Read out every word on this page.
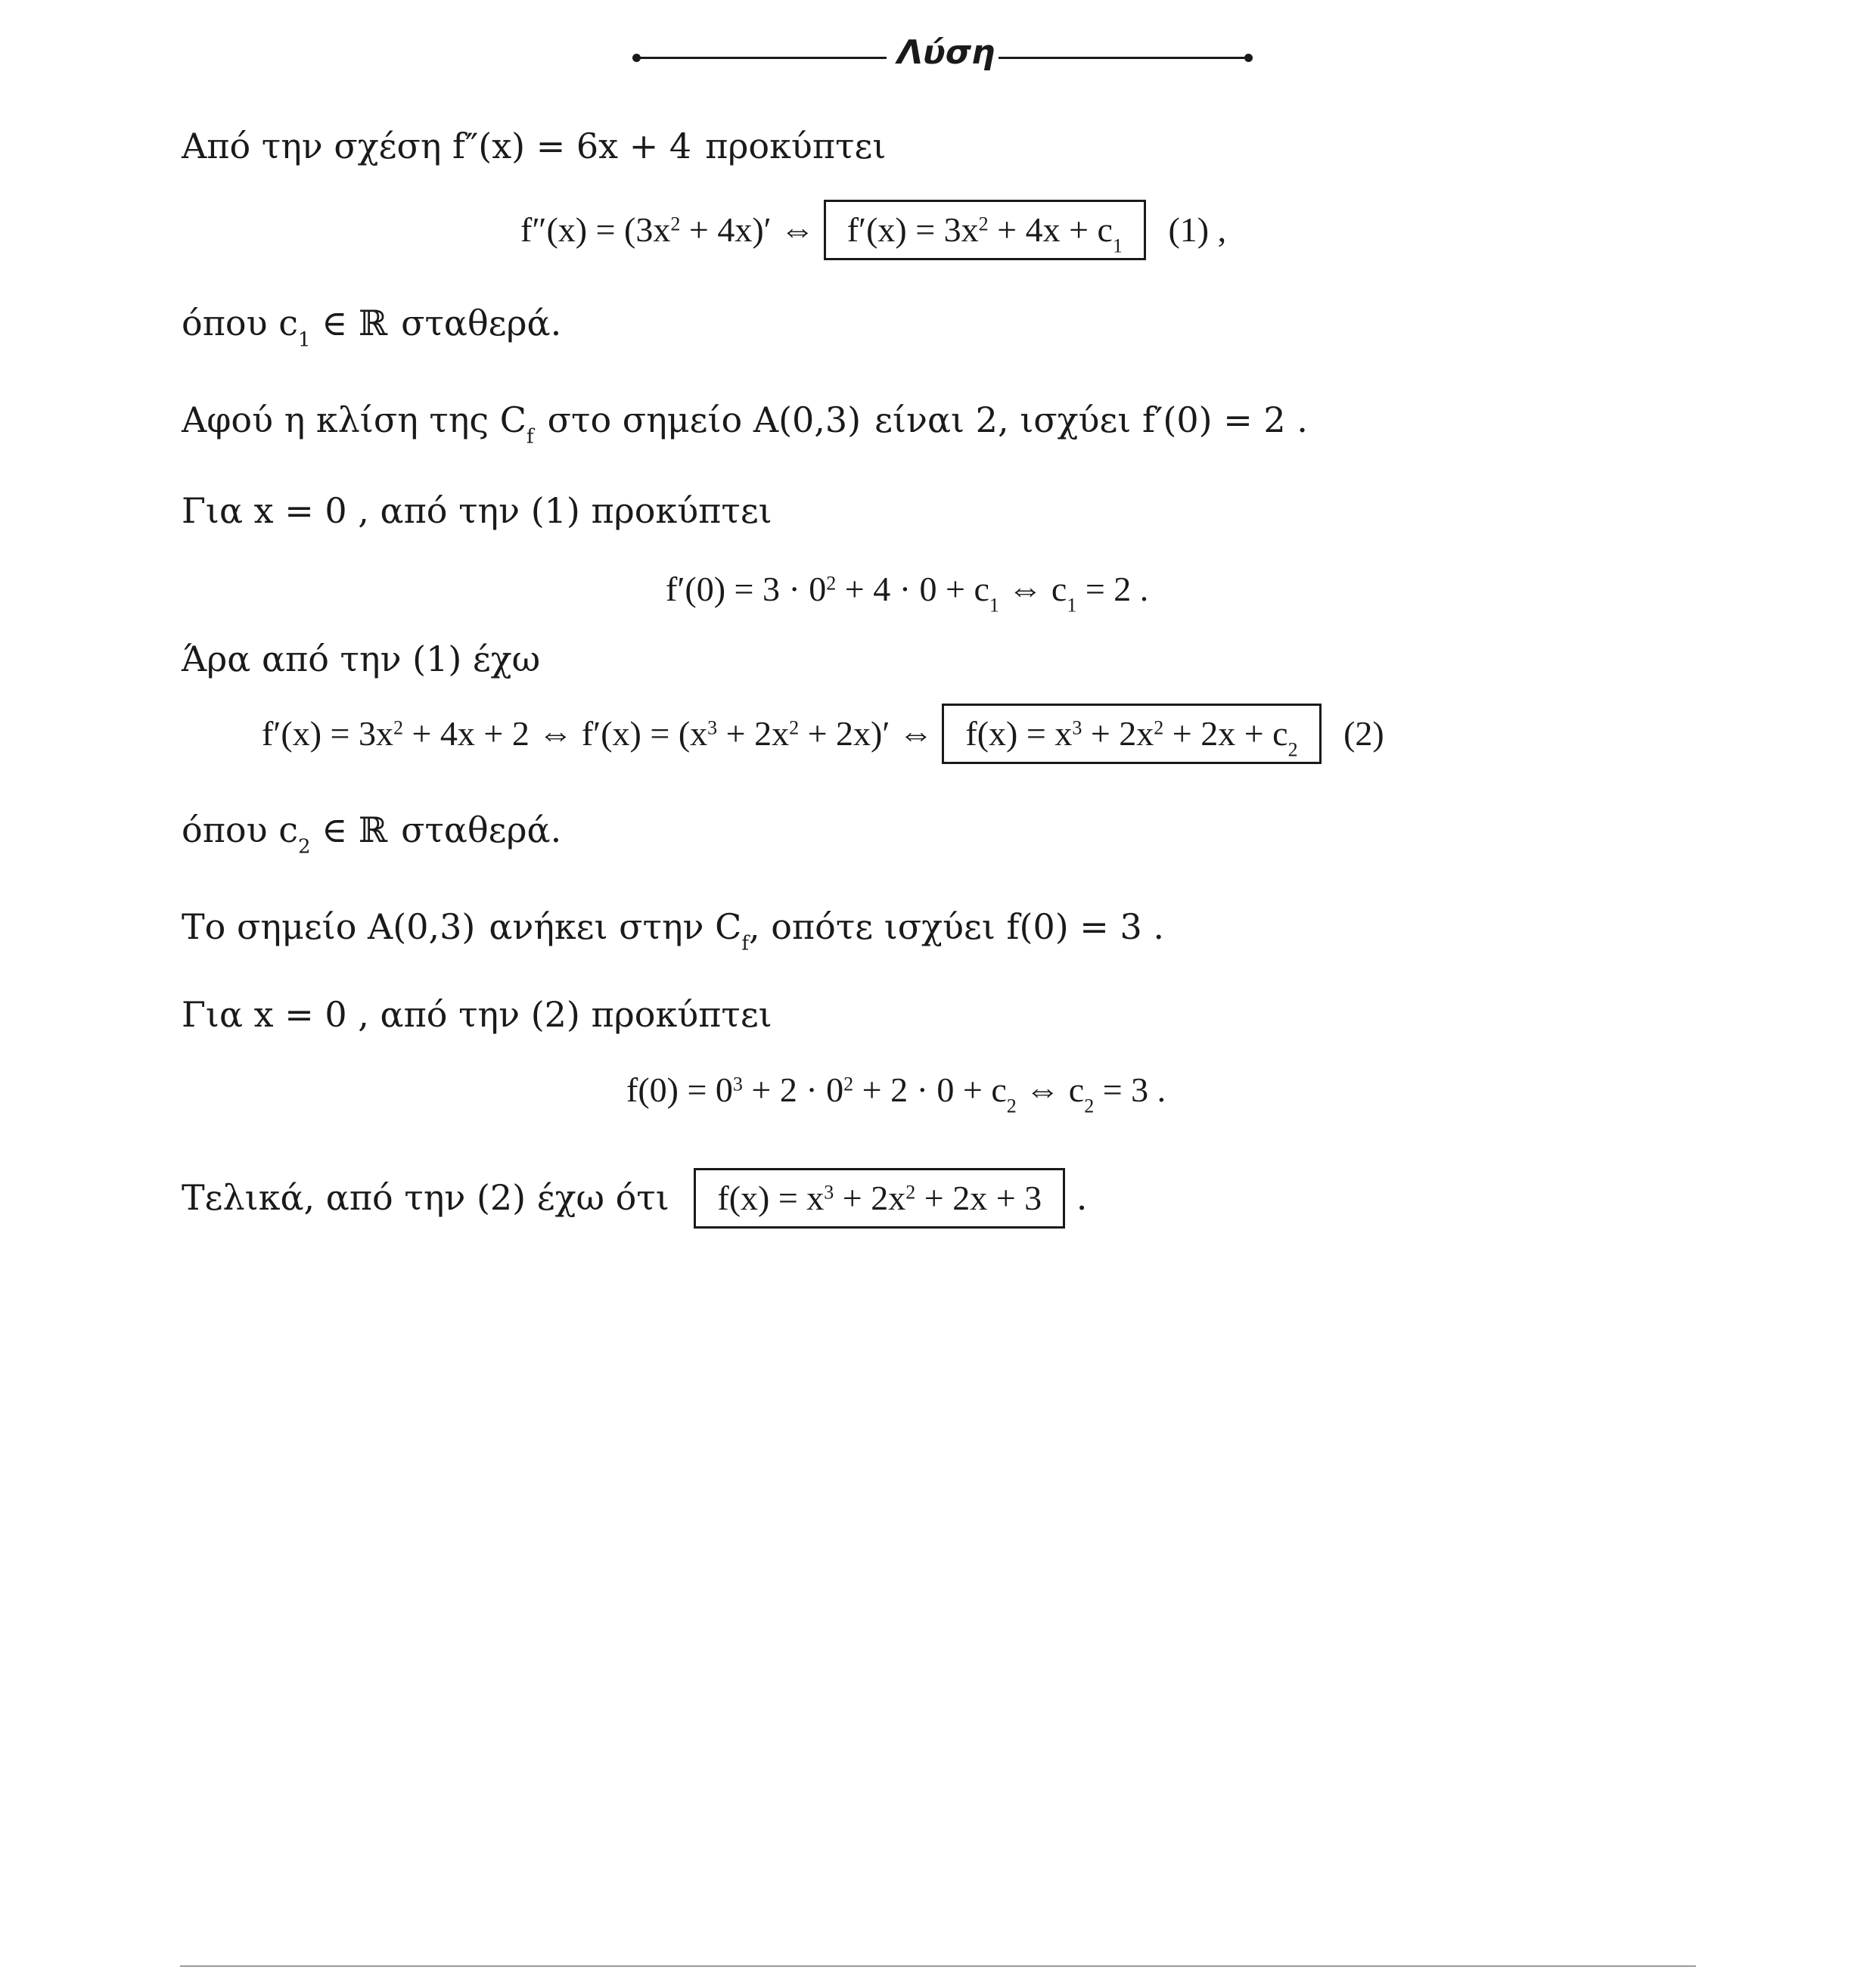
Λύση
Από την σχέση f″(x) = 6x + 4 προκύπτει
$f''(x) = (3x^2 + 4x)'$ ⇔ $f'(x) = 3x^2 + 4x + c_1$ (1) ,
όπου $c_1$ ∈ ℝ σταθερά.
Αφού η κλίση της $C_f$ στο σημείο A(0,3) είναι 2, ισχύει f′(0) = 2 .
Για x = 0 , από την (1) προκύπτει
$f'(0) = 3 \cdot 0^2 + 4 \cdot 0 + c_1$ ⇔ $c_1 = 2$ .
Άρα από την (1) έχω
$f'(x) = 3x^2 + 4x + 2$ ⇔ $f'(x) = (x^3 + 2x^2 + 2x)'$ ⇔ $f(x) = x^3 + 2x^2 + 2x + c_2$ (2)
όπου $c_2$ ∈ ℝ σταθερά.
Το σημείο A(0,3) ανήκει στην $C_f$, οπότε ισχύει f(0) = 3 .
Για x = 0 , από την (2) προκύπτει
$f(0) = 0^3 + 2 \cdot 0^2 + 2 \cdot 0 + c_2$ ⇔ $c_2 = 3$ .
Τελικά, από την (2) έχω ότι $f(x) = x^3 + 2x^2 + 2x + 3$ .
